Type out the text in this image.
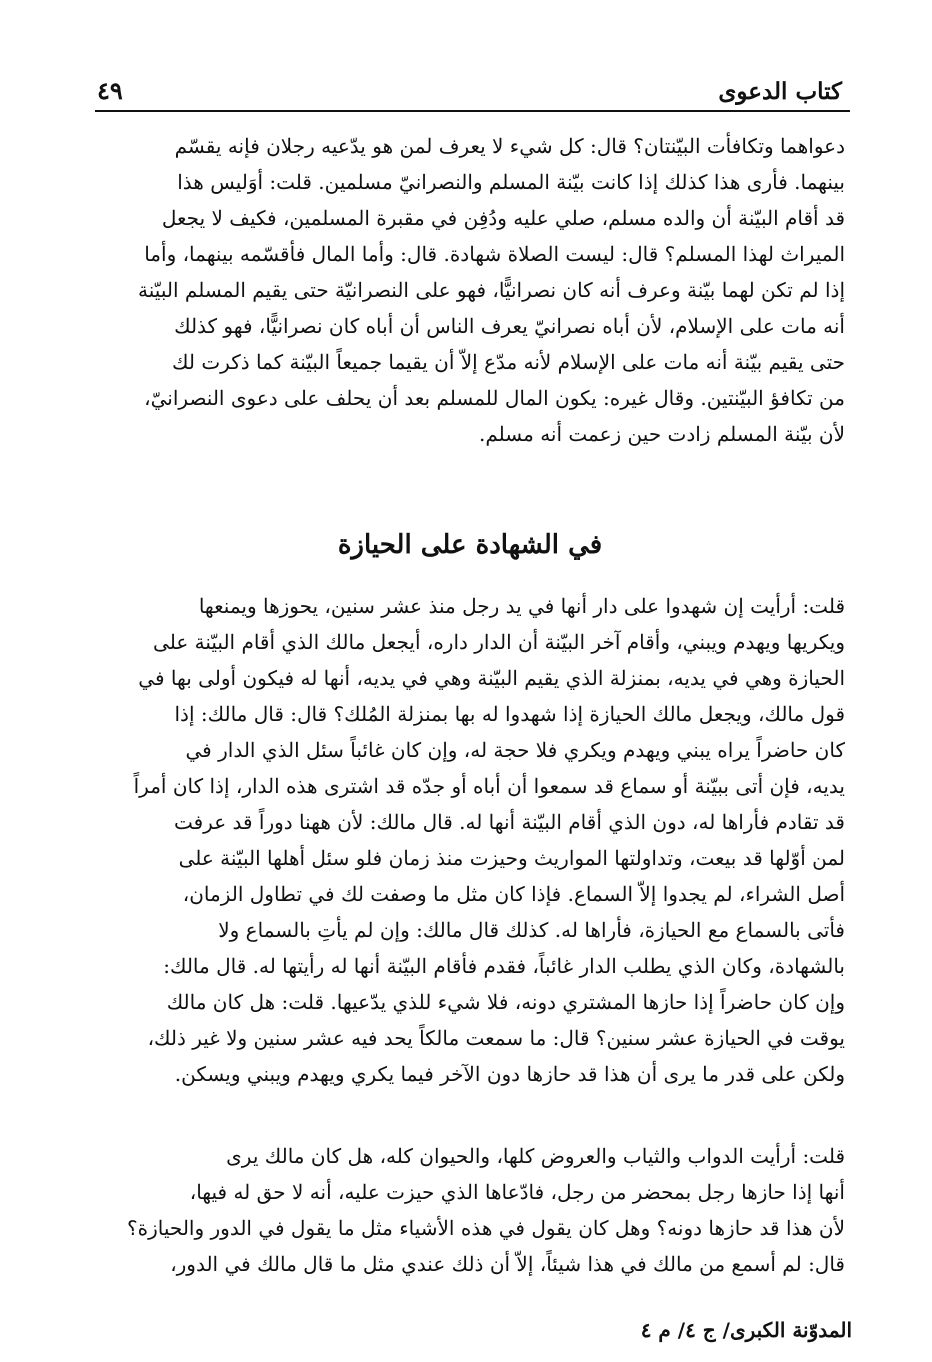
كتاب الدعوى
٤٩
دعواهما وتكافأت البيّنتان؟ قال: كل شيء لا يعرف لمن هو يدّعيه رجلان فإنه يقسّم
بينهما. فأرى هذا كذلك إذا كانت بيّنة المسلم والنصرانيّ مسلمين. قلت: أوَليس هذا
قد أقام البيّنة أن والده مسلم، صلي عليه ودُفِن في مقبرة المسلمين، فكيف لا يجعل
الميراث لهذا المسلم؟ قال: ليست الصلاة شهادة. قال: وأما المال فأقسّمه بينهما، وأما
إذا لم تكن لهما بيّنة وعرف أنه كان نصرانيًّا، فهو على النصرانيّة حتى يقيم المسلم البيّنة
أنه مات على الإسلام، لأن أباه نصرانيّ يعرف الناس أن أباه كان نصرانيًّا، فهو كذلك
حتى يقيم بيّنة أنه مات على الإسلام لأنه مدّع إلاّ أن يقيما جميعاً البيّنة كما ذكرت لك
من تكافؤ البيّنتين. وقال غيره: يكون المال للمسلم بعد أن يحلف على دعوى النصرانيّ،
لأن بيّنة المسلم زادت حين زعمت أنه مسلم.
في الشهادة على الحيازة
قلت: أرأيت إن شهدوا على دار أنها في يد رجل منذ عشر سنين، يحوزها ويمنعها
ويكريها ويهدم ويبني، وأقام آخر البيّنة أن الدار داره، أيجعل مالك الذي أقام البيّنة على
الحيازة وهي في يديه، بمنزلة الذي يقيم البيّنة وهي في يديه، أنها له فيكون أولى بها في
قول مالك، ويجعل مالك الحيازة إذا شهدوا له بها بمنزلة المُلك؟ قال: قال مالك: إذا
كان حاضراً يراه يبني ويهدم ويكري فلا حجة له، وإن كان غائباً سئل الذي الدار في
يديه، فإن أتى ببيّنة أو سماع قد سمعوا أن أباه أو جدّه قد اشترى هذه الدار، إذا كان أمراً
قد تقادم فأراها له، دون الذي أقام البيّنة أنها له. قال مالك: لأن ههنا دوراً قد عرفت
لمن أوّلها قد بيعت، وتداولتها المواريث وحيزت منذ زمان فلو سئل أهلها البيّنة على
أصل الشراء، لم يجدوا إلاّ السماع. فإذا كان مثل ما وصفت لك في تطاول الزمان،
فأتى بالسماع مع الحيازة، فأراها له. كذلك قال مالك: وإن لم يأتِ بالسماع ولا
بالشهادة، وكان الذي يطلب الدار غائباً، فقدم فأقام البيّنة أنها له رأيتها له. قال مالك:
وإن كان حاضراً إذا حازها المشتري دونه، فلا شيء للذي يدّعيها. قلت: هل كان مالك
يوقت في الحيازة عشر سنين؟ قال: ما سمعت مالكاً يحد فيه عشر سنين ولا غير ذلك،
ولكن على قدر ما يرى أن هذا قد حازها دون الآخر فيما يكري ويهدم ويبني ويسكن.
قلت: أرأيت الدواب والثياب والعروض كلها، والحيوان كله، هل كان مالك يرى
أنها إذا حازها رجل بمحضر من رجل، فادّعاها الذي حيزت عليه، أنه لا حق له فيها،
لأن هذا قد حازها دونه؟ وهل كان يقول في هذه الأشياء مثل ما يقول في الدور والحيازة؟
قال: لم أسمع من مالك في هذا شيئاً، إلاّ أن ذلك عندي مثل ما قال مالك في الدور،
المدوّنة الكبرى/ ج ٤/ م ٤
